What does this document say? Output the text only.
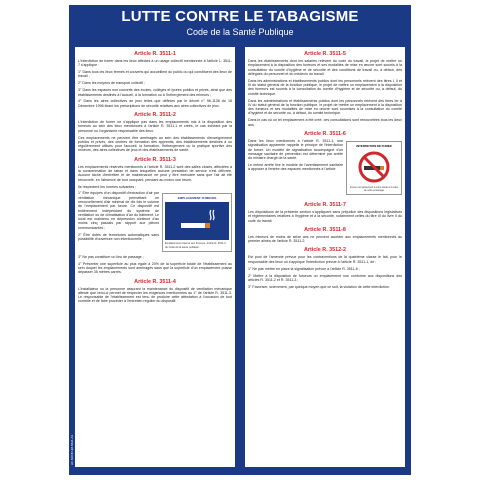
LUTTE CONTRE LE TABAGISME
Code de la Santé Publique
AF-NONFUM-NM4-A3
Article R. 3511-1

L'interdiction de fumer dans les lieux affectés à un usage collectif mentionnée à l'article L. 3511-7 s'applique :

1° Dans tous les lieux fermés et couverts qui accueillent du public ou qui constituent des lieux de travail ;

2° Dans les moyens de transport collectif ;

3° Dans les espaces non couverts des écoles, collèges et lycées publics et privés, ainsi que des établissements destinés à l'accueil, à la formation ou à l'hébergement des mineurs ;

4° Dans les aires collectives de jeux telles que définies par le décret n° 96-1136 du 18 Décembre 1996 fixant les prescriptions de sécurité relatives aux aires collectives de jeux.

Article R. 3511-2

L'interdiction de fumer ne s'applique pas dans les emplacements mis à la disposition des fumeurs au sein des lieux mentionnés à l'article R. 3511-1 et créés, le cas échéant par la personne ou l'organisme responsable des lieux.

Ces emplacements ne peuvent être aménagés au sein des établissements d'enseignement publics et privés, des centres de formation des apprentis, des établissements destinés à ou régulièrement utilisés pour l'accueil, la formation, l'hébergement ou la pratique sportive des mineurs, des aires collectives de jeux et des établissements de santé.

Article R. 3511-3

Les emplacements réservés mentionnés à l'article R. 3511-2 sont des salles closes, affectées à la consommation de tabac et dans lesquelles aucune prestation de service n'est délivrée. Aucune tâche d'entretien et de maintenance ne peut y être exécutée sans que l'air ait été renouvelé, en l'absence de tout occupant, pendant au moins une heure.

Ils respectent les normes suivantes :

1° Être équipés d'un dispositif d'extraction d'air par ventilation mécanique permettant un renouvellement d'air minimal de dix fois le volume de l'emplacement par heure. Ce dispositif est entièrement indépendant du système de ventilation ou de climatisation d'air du bâtiment. Le local est maintenu en dépression continue d'au moins cinq pascals par rapport aux pièces communicantes ;

2° Être dotés de fermetures automatiques sans possibilité d'ouverture non intentionnelle ;

EMPLACEMENT FUMEURS
Emplacement réservé aux fumeurs. Article R. 3511-3 du Code de la santé publique.

3° Ne pas constituer un lieu de passage ;

4° Présenter une superficie au plus égale à 20% de la superficie totale de l'établissement au sein duquel les emplacements sont aménagés sans que la superficie d'un emplacement puisse dépasser 35 mètres carrés.

Article R. 3511-4

L'installateur ou la personne assurant la maintenance du dispositif de ventilation mécanique atteste que celui-ci permet de respecter les exigences mentionnées au 1° de l'article R. 3511-3. Le responsable de l'établissement est tenu de produire cette attestation à l'occasion de tout contrôle et de faire procéder à l'entretien régulier du dispositif.

Article R. 3511-5

Dans les établissements dont les salariés relèvent du code du travail, le projet de mettre un emplacement à la disposition des fumeurs et ses modalités de mise en œuvre sont soumis à la consultation du comité d'hygiène et de sécurité et des conditions de travail ou, à défaut, des délégués du personnel et du médecin du travail.

Dans les administrations et établissements publics dont les personnels relèvent des titres I, II et III du statut général de la fonction publique, le projet de mettre un emplacement à la disposition des fumeurs est soumis à la consultation du comité d'hygiène et de sécurité ou, à défaut, du comité technique.

Dans les administrations et établissements publics dont les personnels relèvent des titres Ier à IV du statut général de la fonction publique, le projet de mettre un emplacement à la disposition des fumeurs et ses modalités de mise en œuvre sont soumises à la consultation du comité d'hygiène et de sécurité ou, à défaut, du comité technique.

Dans le cas où un tel emplacement a été créé, ces consultations sont renouvelées tous les deux ans.

Article R. 3511-6

Dans les lieux mentionnés à l'article R. 3511-1, une signalisation apparente rappelle le principe de l'interdiction de fumer. Un modèle de signalisation accompagné d'un message sanitaire de prévention est déterminé par arrêté du ministre chargé de la santé.

Le même arrêté fixe le modèle de l'avertissement sanitaire à apposer à l'entrée des espaces mentionnés à l'article

INTERDICTION DE FUMER
Fumer nuit gravement à votre santé et à celle de votre entourage
Article R. 3511-7

Les dispositions de la présente section s'appliquent sans préjudice des dispositions législatives et réglementaires relatives à l'hygiène et à la sécurité, notamment celles du titre III du livre II du code du travail.

Article R. 3511-8

Les mineurs de moins de seize ans ne peuvent accéder aux emplacements mentionnés au premier alinéa de l'article R. 3511-2.

Article R. 3512-2

Est puni de l'amende prévue pour les contraventions de la quatrième classe le fait, pour le responsable des lieux où s'applique l'interdiction prévue à l'article R. 3511-1, de :

1° Ne pas mettre en place la signalisation prévue à l'article R. 3511-6 ;

2° Mettre à la disposition de fumeurs un emplacement non conforme aux dispositions des articles R. 3511-2 et R. 3511-3 ;

3° Favoriser, sciemment, par quelque moyen que ce soit, la violation de cette interdiction.
